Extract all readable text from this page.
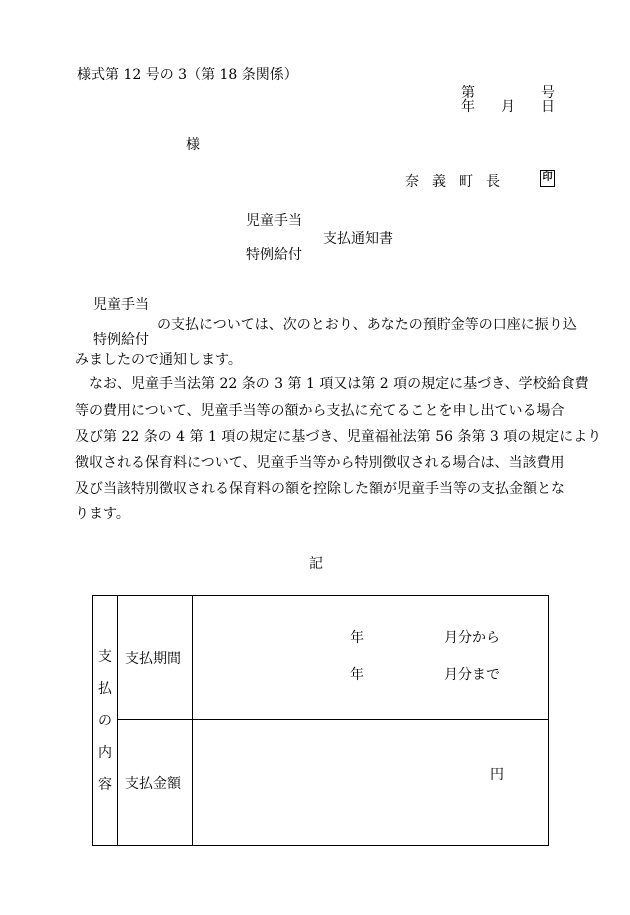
様式第 12 号の 3（第 18 条関係）
第	号
年 月 日
様
奈 義 町 長	印
児童手当
支払通知書
特例給付
児童手当
の支払については、次のとおり、あなたの預貯金等の口座に振り込
特例給付
みましたので通知します。
　なお、児童手当法第 22 条の 3 第 1 項又は第 2 項の規定に基づき、学校給食費
等の費用について、児童手当等の額から支払に充てることを申し出ている場合
及び第 22 条の 4 第 1 項の規定に基づき、児童福祉法第 56 条第 3 項の規定により
徴収される保育料について、児童手当等から特別徴収される場合は、当該費用
及び当該特別徴収される保育料の額を控除した額が児童手当等の支払金額とな
ります。
記
支
払
の
内
容	支払期間	年 月分から
年 月分まで

	支払金額	円
